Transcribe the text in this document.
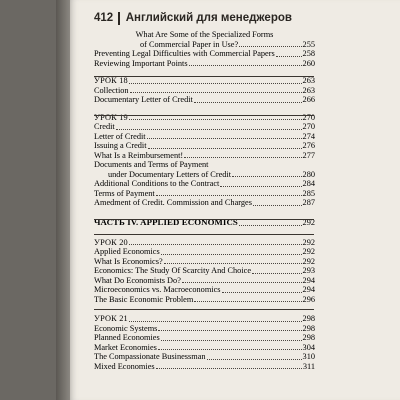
412 Английский для менеджеров
What Are Some of the Specialized Forms
of Commercial Paper in Use?	255
Preventing Legal Difficulties with Commercial Papers	258
Reviewing Important Points	260
УРОК 18	263
Collection	263
Documentary Letter of Credit	266
УРОК 19	270
Credit	270
Letter of Credit	274
Issuing a Credit	276
What Is a Reimbursement!	277
Documents and Terms of Payment
under Documentary Letters of Credit	280
Additional Conditions to the Contract	284
Terms of Payment	285
Amedment of Credit. Commission and Charges	287
ЧАСТЬ IV. APPLIED ECONOMICS	292
УРОК 20	292
Applied Economics	292
What Is Economics?	292
Economics: The Study Of Scarcity And Choice	293
What Do Economists Do?	294
Microeconomics vs. Macroeconomics	294
The Basic Economic Problem	296
УРОК 21	298
Economic Systems	298
Planned Economies	298
Market Economies	304
The Compassionate Businessman	310
Mixed Economies	311
